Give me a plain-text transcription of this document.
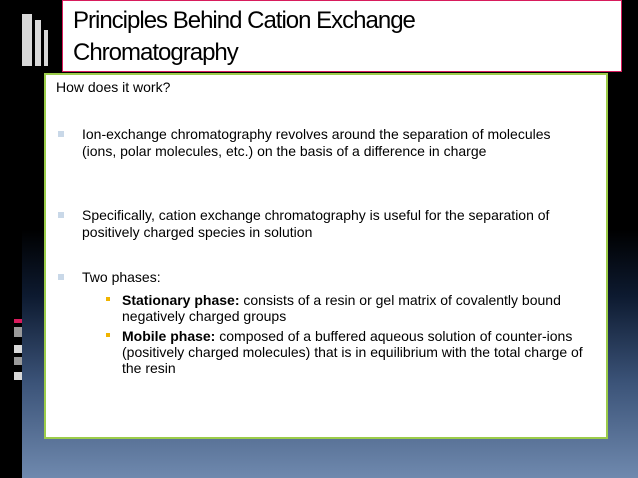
Principles Behind Cation Exchange
Chromatography
How does it work?
Ion-exchange chromatography revolves around the separation of molecules (ions, polar molecules, etc.) on the basis of a difference in charge
Specifically, cation exchange chromatography is useful for the separation of positively charged species in solution
Two phases:
Stationary phase: consists of a resin or gel matrix of covalently bound negatively charged groups
Mobile phase: composed of a buffered aqueous solution of counter-ions (positively charged molecules) that is in equilibrium with the total charge of the resin
